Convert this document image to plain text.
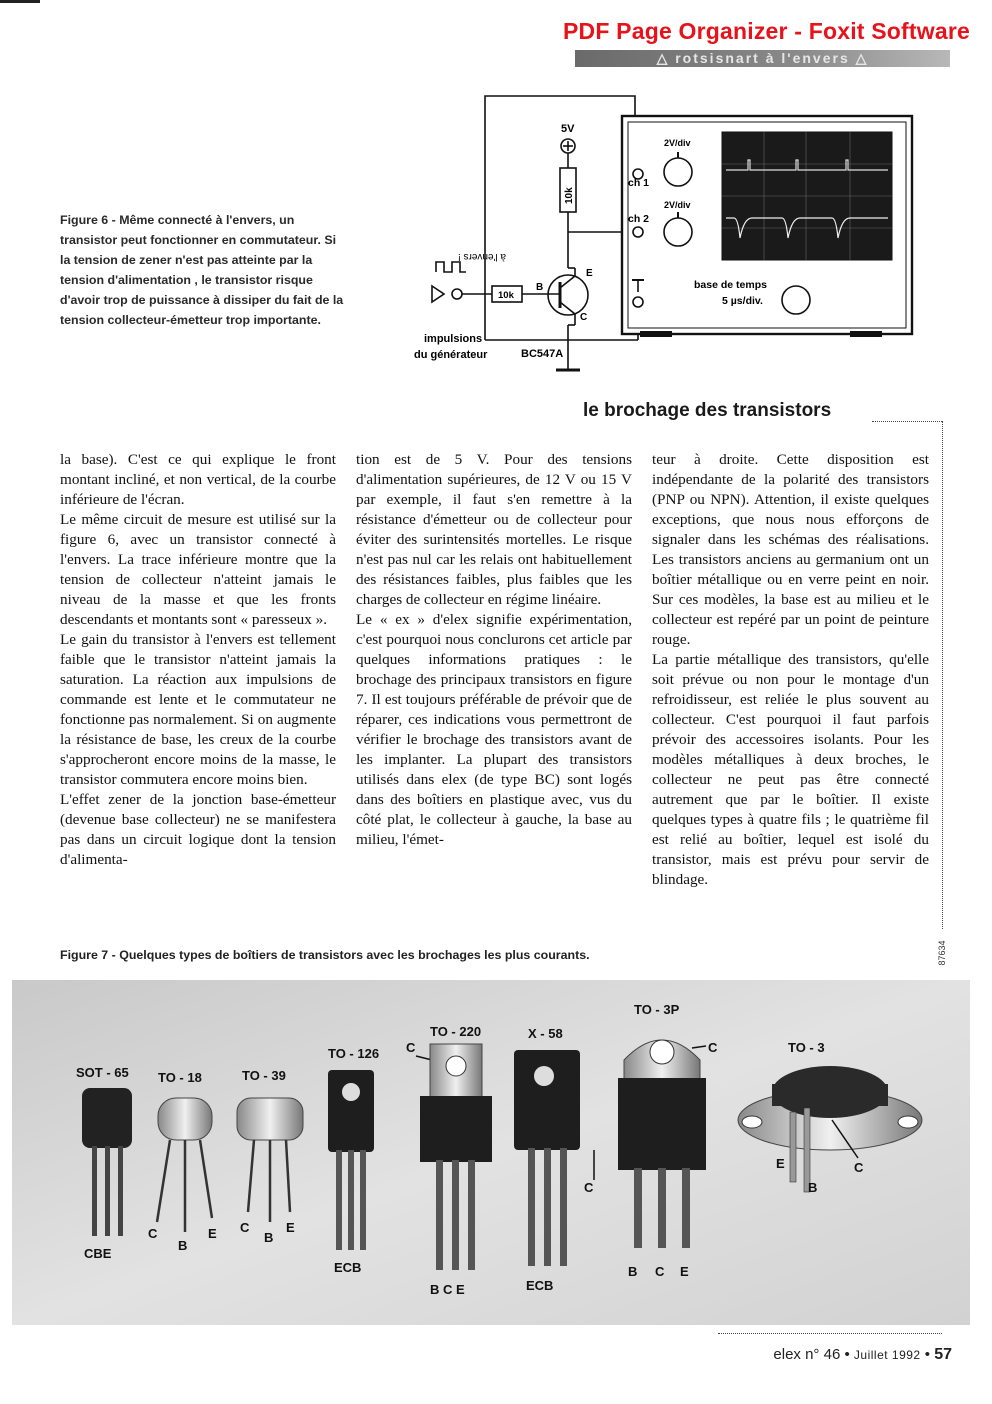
PDF Page Organizer - Foxit Software
△ rotsisnart à l'envers △
Figure 6 - Même connecté à l'envers, un transistor peut fonctionner en commutateur. Si la tension de zener n'est pas atteinte par la tension d'alimentation , le transistor risque d'avoir trop de puissance à dissiper du fait de la tension collecteur-émetteur trop importante.
5V
10k
à l'envers !
E
B
C
10k
BC547A
impulsions
du générateur
ch 1
ch 2
2V/div
2V/div
base de temps
5 µs/div.
le brochage des transistors

la base). C'est ce qui explique le front montant incliné, et non vertical, de la courbe inférieure de l'écran.

Le même circuit de mesure est utilisé sur la figure 6, avec un transistor connecté à l'envers. La trace inférieure montre que la tension de collecteur n'atteint jamais le niveau de la masse et que les fronts descendants et montants sont « paresseux ».

Le gain du transistor à l'envers est tellement faible que le transistor n'atteint jamais la saturation. La réaction aux impulsions de commande est lente et le commutateur ne fonctionne pas normalement. Si on augmente la résistance de base, les creux de la courbe s'approcheront encore moins de la masse, le transistor commutera encore moins bien.

L'effet zener de la jonction base-émetteur (devenue base collecteur) ne se manifestera pas dans un circuit logique dont la tension d'alimenta-

tion est de 5 V. Pour des tensions d'alimentation supérieures, de 12 V ou 15 V par exemple, il faut s'en remettre à la résistance d'émetteur ou de collecteur pour éviter des surintensités mortelles. Le risque n'est pas nul car les relais ont habituellement des résistances faibles, plus faibles que les charges de collecteur en régime linéaire.

Le « ex » d'elex signifie expérimentation, c'est pourquoi nous conclurons cet article par quelques informations pratiques : le brochage des principaux transistors en figure 7. Il est toujours préférable de prévoir que de réparer, ces indications vous permettront de vérifier le brochage des transistors avant de les implanter. La plupart des transistors utilisés dans elex (de type BC) sont logés dans des boîtiers en plastique avec, vus du côté plat, le collecteur à gauche, la base au milieu, l'émet-

teur à droite. Cette disposition est indépendante de la polarité des transistors (PNP ou NPN). Attention, il existe quelques exceptions, que nous nous efforçons de signaler dans les schémas des réalisations. Les transistors anciens au germanium ont un boîtier métallique ou en verre peint en noir. Sur ces modèles, la base est au milieu et le collecteur est repéré par un point de peinture rouge.

La partie métallique des transistors, qu'elle soit prévue ou non pour le montage d'un refroidisseur, est reliée le plus souvent au collecteur. C'est pourquoi il faut parfois prévoir des accessoires isolants. Pour les modèles métalliques à deux broches, le collecteur ne peut pas être connecté autrement que par le boîtier. Il existe quelques types à quatre fils ; le quatrième fil est relié au boîtier, lequel est isolé du transistor, mais est prévu pour servir de blindage.

Figure 7 - Quelques types de boîtiers de transistors avec les brochages les plus courants.	87634
SOT - 65
CBE
TO - 18
C
B
E
TO - 39
C
B
E
TO - 126
ECB
TO - 220
C
B C E
X - 58
C
ECB
TO - 3P
C
B C E
TO - 3
E
B
C
elex n° 46 • Juillet 1992 • 57
